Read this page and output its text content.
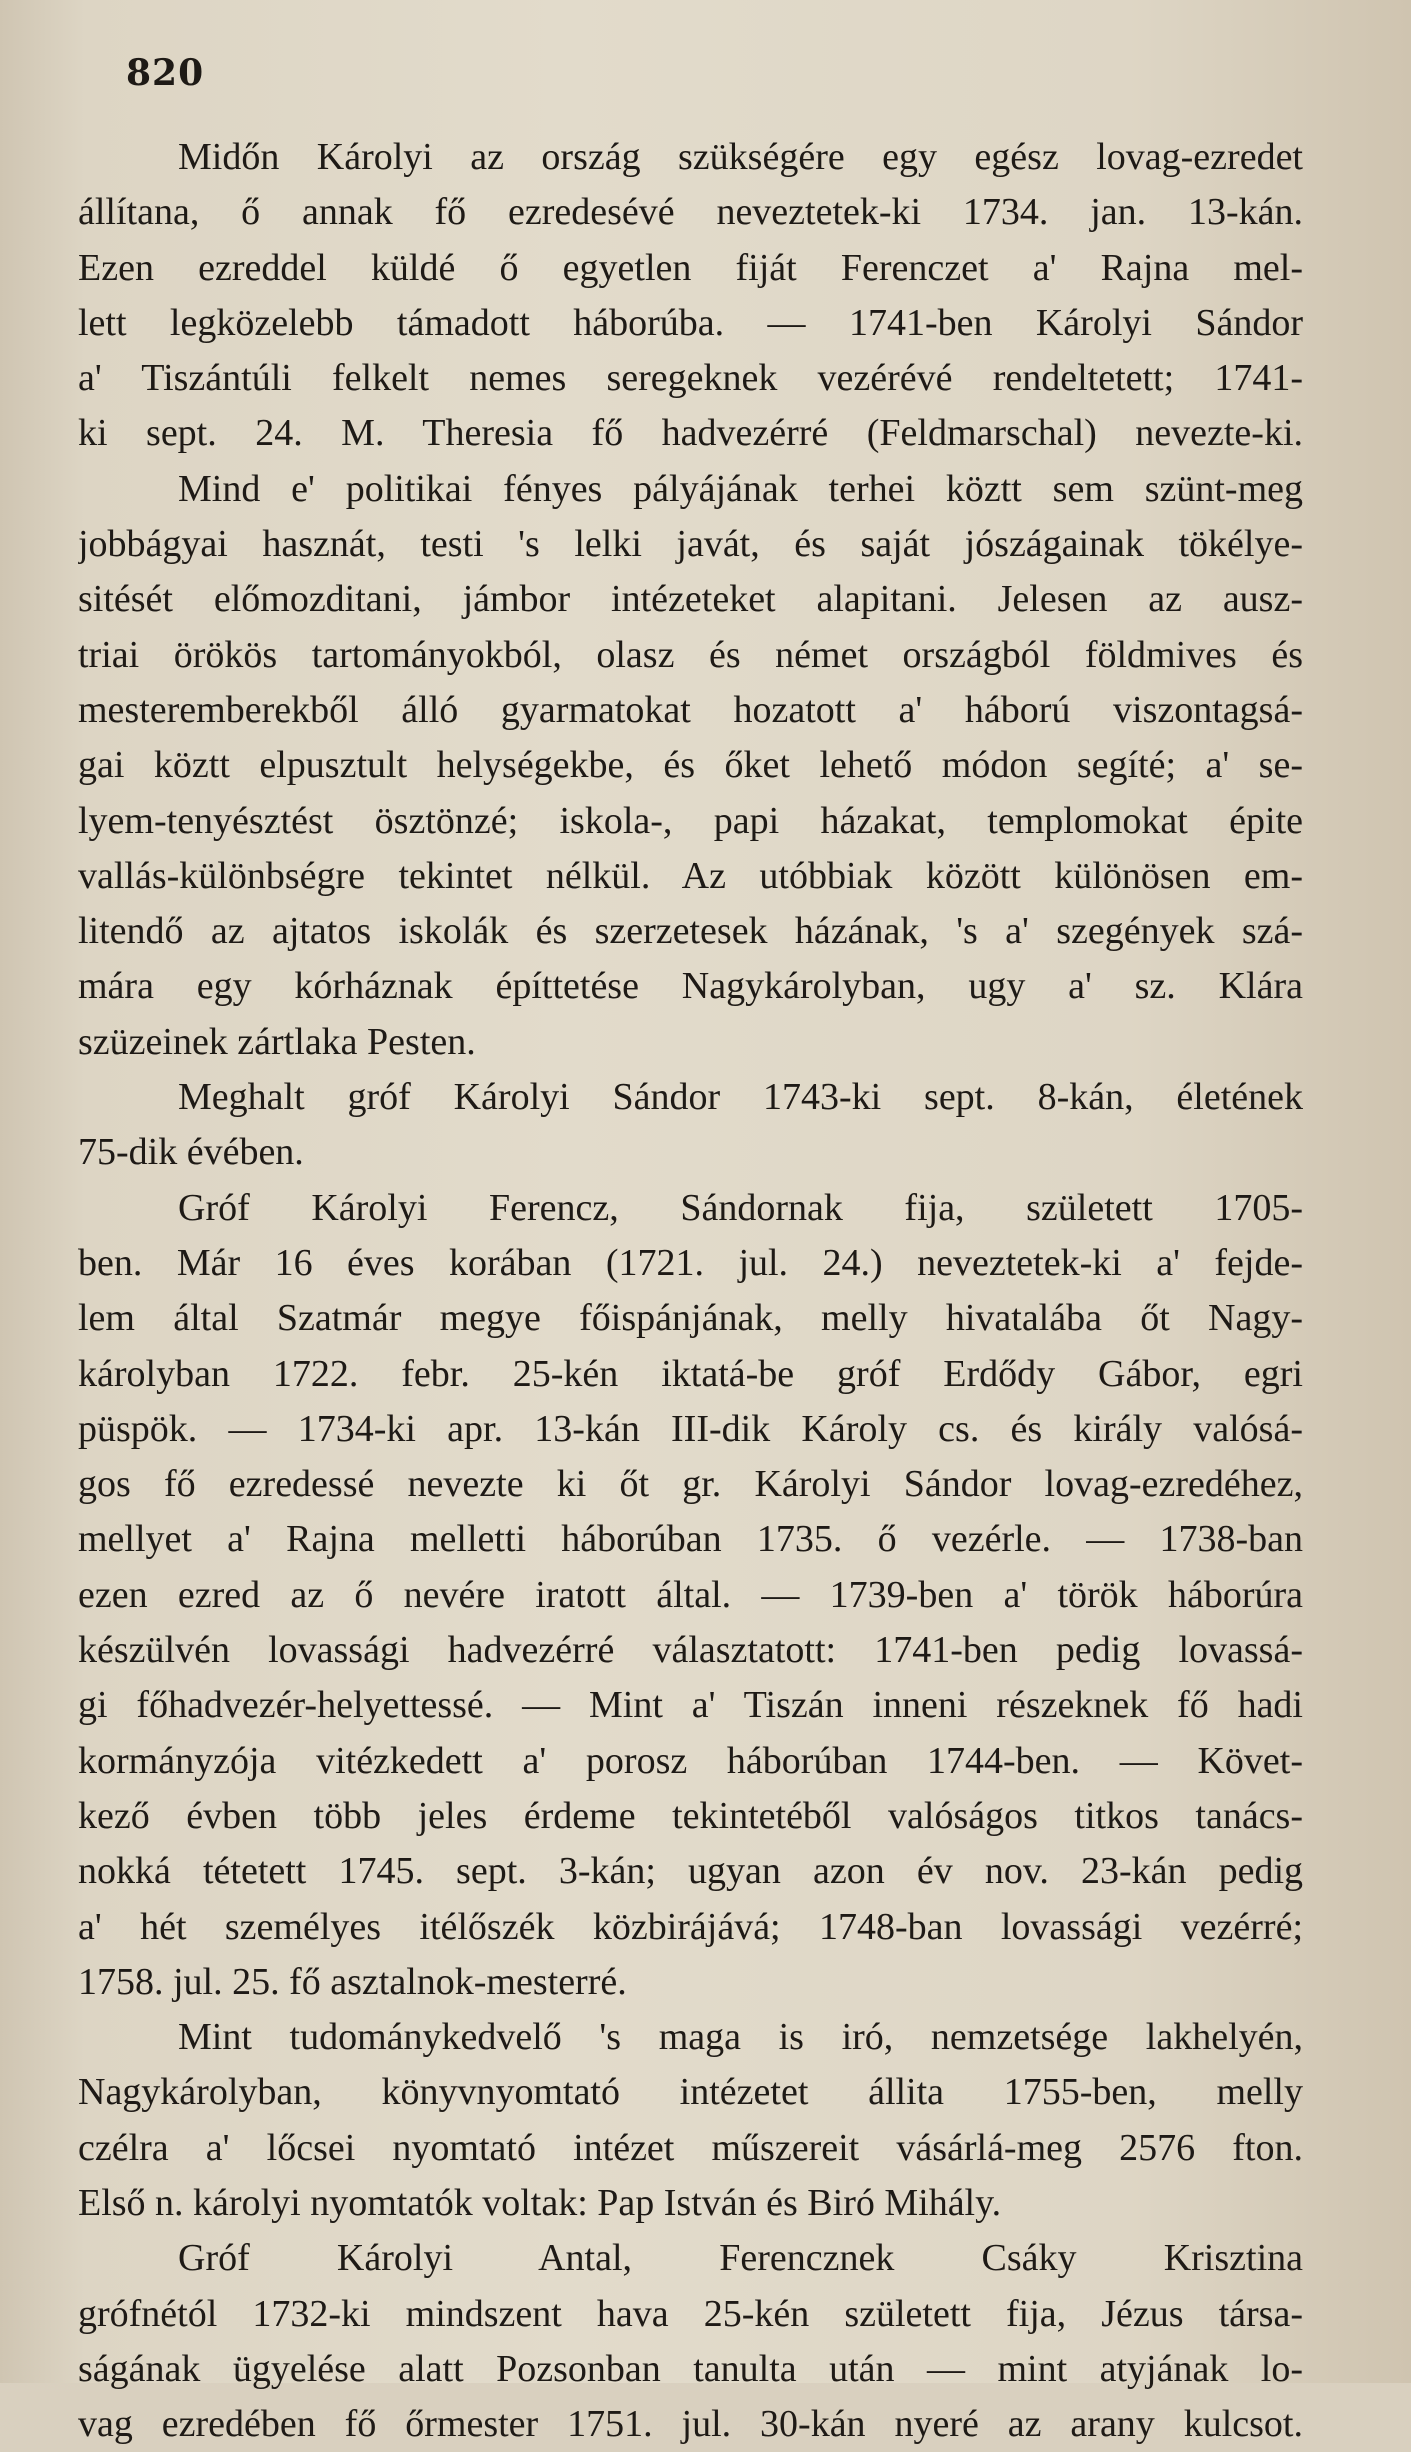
820
Midőn Károlyi az ország szükségére egy egész lovag-ezredet
állítana, ő annak fő ezredesévé neveztetek-ki 1734. jan. 13-kán.
Ezen ezreddel küldé ő egyetlen fiját Ferenczet a' Rajna mel-
lett legközelebb támadott háborúba. — 1741-ben Károlyi Sándor
a' Tiszántúli felkelt nemes seregeknek vezérévé rendeltetett; 1741-
ki sept. 24. M. Theresia fő hadvezérré (Feldmarschal) nevezte-ki.
Mind e' politikai fényes pályájának terhei köztt sem szünt-meg
jobbágyai hasznát, testi 's lelki javát, és saját jószágainak tökélye-
sitését előmozditani, jámbor intézeteket alapitani. Jelesen az ausz-
triai örökös tartományokból, olasz és német országból földmives és
mesteremberekből álló gyarmatokat hozatott a' háború viszontagsá-
gai köztt elpusztult helységekbe, és őket lehető módon segíté; a' se-
lyem-tenyésztést ösztönzé; iskola-, papi házakat, templomokat épite
vallás-különbségre tekintet nélkül. Az utóbbiak között különösen em-
litendő az ajtatos iskolák és szerzetesek házának, 's a' szegények szá-
mára egy kórháznak építtetése Nagykárolyban, ugy a' sz. Klára
szüzeinek zártlaka Pesten.
Meghalt gróf Károlyi Sándor 1743-ki sept. 8-kán, életének
75-dik évében.
Gróf Károlyi Ferencz, Sándornak fija, született 1705-
ben. Már 16 éves korában (1721. jul. 24.) neveztetek-ki a' fejde-
lem által Szatmár megye főispánjának, melly hivatalába őt Nagy-
károlyban 1722. febr. 25-kén iktatá-be gróf Erdődy Gábor, egri
püspök. — 1734-ki apr. 13-kán III-dik Károly cs. és király valósá-
gos fő ezredessé nevezte ki őt gr. Károlyi Sándor lovag-ezredéhez,
mellyet a' Rajna melletti háborúban 1735. ő vezérle. — 1738-ban
ezen ezred az ő nevére iratott által. — 1739-ben a' török háborúra
készülvén lovassági hadvezérré választatott: 1741-ben pedig lovassá-
gi főhadvezér-helyettessé. — Mint a' Tiszán inneni részeknek fő hadi
kormányzója vitézkedett a' porosz háborúban 1744-ben. — Követ-
kező évben több jeles érdeme tekintetéből valóságos titkos tanács-
nokká tétetett 1745. sept. 3-kán; ugyan azon év nov. 23-kán pedig
a' hét személyes itélőszék közbirájává; 1748-ban lovassági vezérré;
1758. jul. 25. fő asztalnok-mesterré.
Mint tudománykedvelő 's maga is iró, nemzetsége lakhelyén,
Nagykárolyban, könyvnyomtató intézetet állita 1755-ben, melly
czélra a' lőcsei nyomtató intézet műszereit vásárlá-meg 2576 fton.
Első n. károlyi nyomtatók voltak: Pap István és Biró Mihály.
Gróf Károlyi Antal, Ferencznek Csáky Krisztina
grófnétól 1732-ki mindszent hava 25-kén született fija, Jézus társa-
ságának ügyelése alatt Pozsonban tanulta után — mint atyjának lo-
vag ezredében fő őrmester 1751. jul. 30-kán nyeré az arany kulcsot.
